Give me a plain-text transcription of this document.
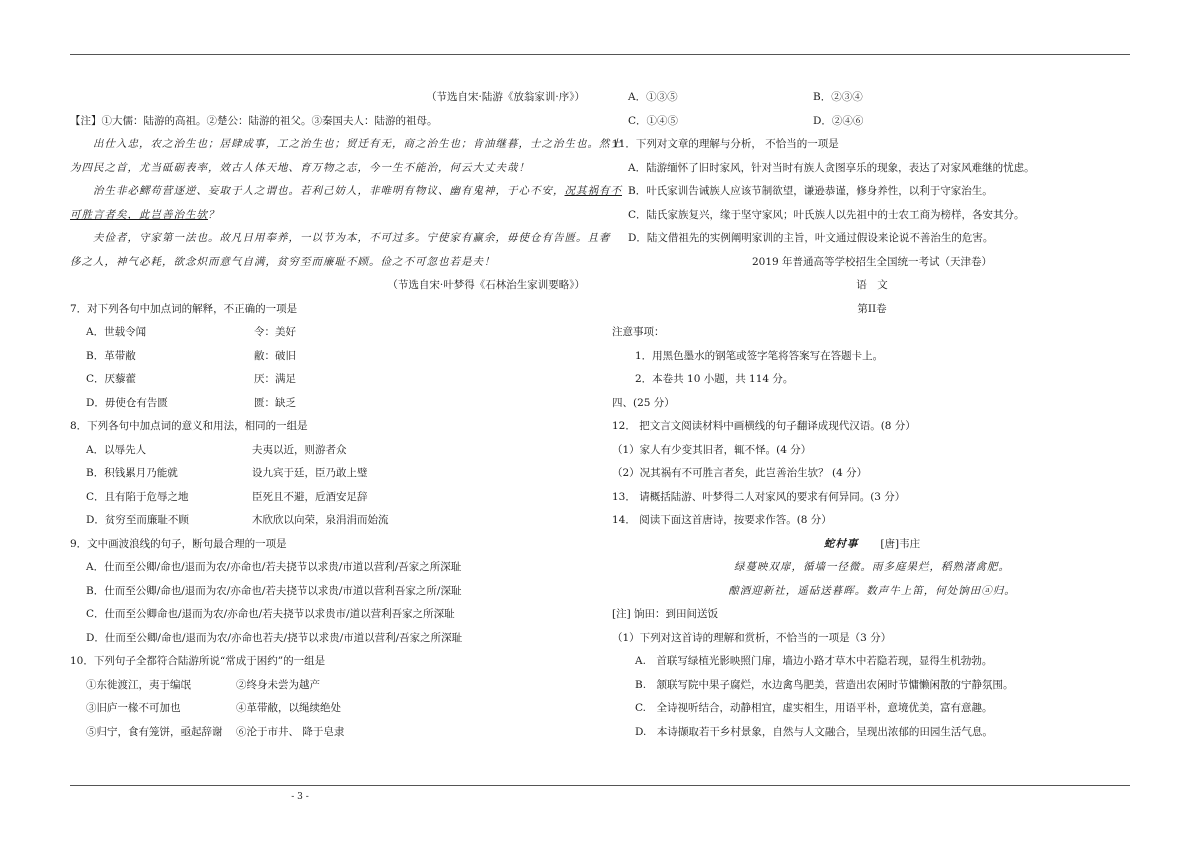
（节选自宋·陆游《放翁家训·序》）
【注】①大儒：陆游的高祖。②楚公：陆游的祖父。③秦国夫人：陆游的祖母。
出仕入忠，农之治生也；居肆成事，工之治生也；贸迁有无，商之治生也；肯油继暮，士之治生也。然士
为四民之首，尤当砥砺表率，效古人体天地、育万物之志，今一生不能治，何云大丈夫哉！
治生非必鳏苟营逐逆、妄取于人之谓也。若利己妨人，非唯明有物议、幽有鬼神，于心不安，况其祸有不
可胜言者矣，此岂善治生欤？
夫俭者，守家第一法也。故凡日用奉养，一以节为本，不可过多。宁使家有赢余，毋使仓有告匮。且奢
侈之人，神气必耗，欲念炽而意气自满，贫穷至而廉耻不顾。俭之不可忽也若是夫！
（节选自宋·叶梦得《石林治生家训要略》）
7．对下列各句中加点词的解释，不正确的一项是
A．世载令闻	令：美好
B．革带敝	敝：破旧
C．厌藜藿	厌：满足
D．毋使仓有告匮	匮：缺乏
8．下列各句中加点词的意义和用法，相同的一组是
A．以辱先人	夫夷以近，则游者众
B．积钱累月乃能就	设九宾于廷，臣乃敢上璧
C．且有陷于危辱之地	臣死且不避，卮酒安足辞
D．贫穷至而廉耻不顾	木欣欣以向荣，泉涓涓而始流
9．文中画波浪线的句子，断句最合理的一项是
A．仕而至公卿/命也/退而为农/亦命也/若夫挠节以求贵/市道以营利/吾家之所深耻
B．仕而至公卿/命也/退而为农/亦命也/若夫挠节以求贵/市道以营利吾家之所/深耻
C．仕而至公卿命也/退而为农/亦命也/若夫挠节以求贵市/道以营利吾家之所深耻
D．仕而至公卿/命也/退而为农/亦命也若夫/挠节以求贵/市道以营利/吾家之所深耻
10．下列句子全都符合陆游所说“常成于困约”的一组是
①东徙渡江，夷于编氓	②终身未尝为越产
③旧庐一椽不可加也	④革带敝，以绳续绝处
⑤归宁，食有笼饼，亟起辞谢 ⑥沦于市井、 降于皂隶
A．①③⑤	B．②③④
C．①④⑤	D．②④⑥
11．下列对文章的理解与分析， 不恰当的一项是
A．陆游缅怀了旧时家风，针对当时有族人贪图享乐的现象，表达了对家风难继的忧虑。
B．叶氏家训告诫族人应该节制欲望，谦逊恭谨，修身养性，以利于守家治生。
C．陆氏家族复兴，缘于坚守家风；叶氏族人以先祖中的士农工商为榜样，各安其分。
D．陆文借祖先的实例阐明家训的主旨，叶文通过假设来论说不善治生的危害。
2019 年普通高等学校招生全国统一考试（天津卷）
语　文
第II卷
注意事项：
1．用黑色墨水的钢笔或签字笔将答案写在答题卡上。
2．本卷共 10 小题，共 114 分。
四、(25 分）
12． 把文言文阅读材料中画横线的句子翻译成现代汉语。(8 分）
（1）家人有少变其旧者，辄不怿。(4 分）
（2）况其祸有不可胜言者矣，此岂善治生欤？ (4 分）
13． 请概括陆游、叶梦得二人对家风的要求有何异同。(3 分）
14． 阅读下面这首唐诗，按要求作答。(8 分）
蛇村事 [唐]韦庄
绿蔓映双扉，循墙一径微。雨多庭果烂，稻熟渚禽肥。
酿酒迎新社，遥砧送暮晖。数声牛上笛，何处饷田ⓐ归。
[注] 饷田：到田间送饭
（1）下列对这首诗的理解和赏析，不恰当的一项是（3 分）
A.　首联写绿植光影映照门扉，墙边小路才草木中若隐若现，显得生机勃勃。
B.　颔联写院中果子腐烂，水边禽鸟肥美，营造出农闲时节慵懒闲散的宁静氛围。
C.　全诗视听结合，动静相宜，虚实相生，用语平朴，意境优美，富有意趣。
D.　本诗撷取若干乡村景象，自然与人文融合，呈现出浓郁的田园生活气息。
- 3 -
